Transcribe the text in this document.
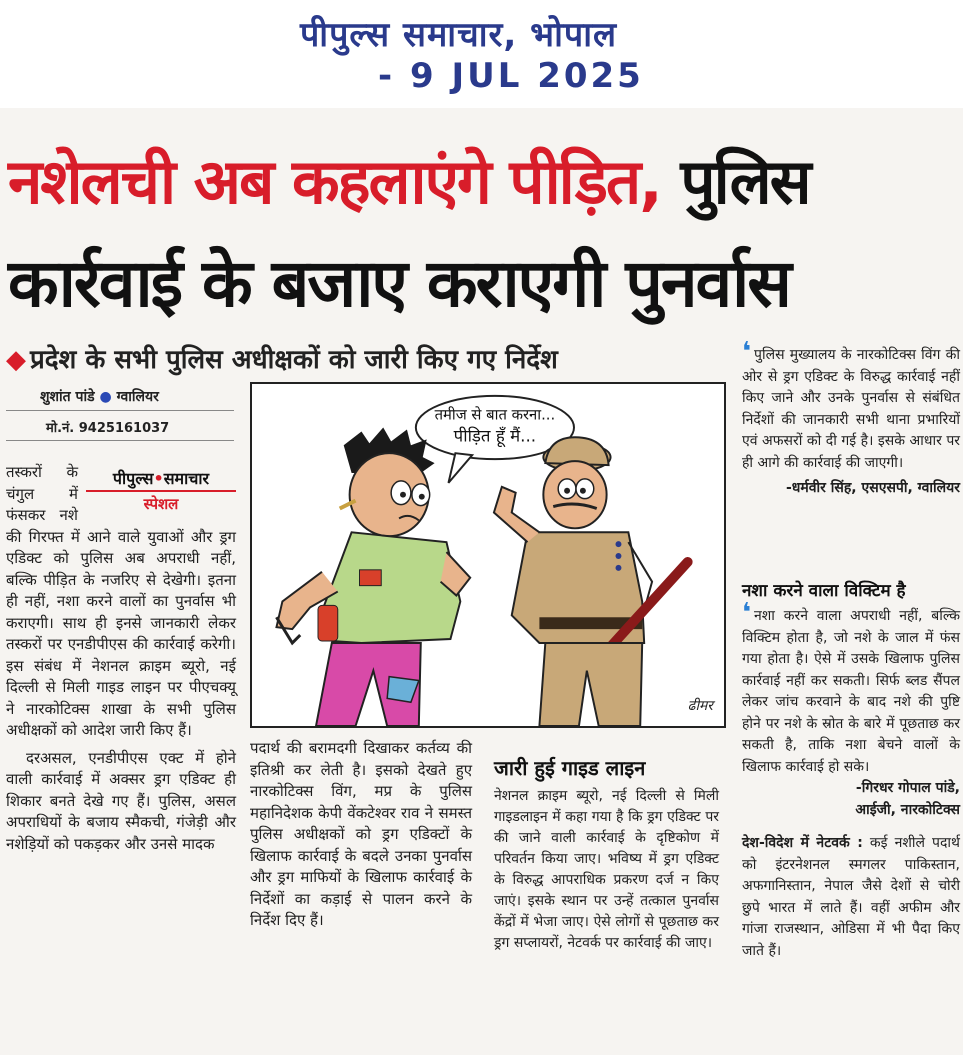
पीपुल्स समाचार, भोपाल
- 9 JUL 2025
नशेलची अब कहलाएंगे पीड़ित, पुलिस
कार्रवाई के बजाए कराएगी पुनर्वास
◆ प्रदेश के सभी पुलिस अधीक्षकों को जारी किए गए निर्देश
शुशांत पांडे ● ग्वालियर
मो.नं. 9425161037
पीपुल्स•समाचार
स्पेशल

तस्करों के चंगुल में फंसकर नशे की गिरफ्त में आने वाले युवाओं और ड्रग एडिक्ट को पुलिस अब अपराधी नहीं, बल्कि पीड़ित के नजरिए से देखेगी। इतना ही नहीं, नशा करने वालों का पुनर्वास भी कराएगी। साथ ही इनसे जानकारी लेकर तस्करों पर एनडीपीएस की कार्रवाई करेगी। इस संबंध में नेशनल क्राइम ब्यूरो, नई दिल्ली से मिली गाइड लाइन पर पीएचक्यू ने नारकोटिक्स शाखा के सभी पुलिस अधीक्षकों को आदेश जारी किए हैं।

दरअसल, एनडीपीएस एक्ट में होने वाली कार्रवाई में अक्सर ड्रग एडिक्ट ही शिकार बनते देखे गए हैं। पुलिस, असल अपराधियों के बजाय स्मैकची, गंजेड़ी और नशेड़ियों को पकड़कर और उनसे मादक

तमीज से बात करना...
पीड़ित हूँ मैं...
ढीमर

पदार्थ की बरामदगी दिखाकर कर्तव्य की इतिश्री कर लेती है। इसको देखते हुए नारकोटिक्स विंग, मप्र के पुलिस महानिदेशक केपी वेंकटेश्वर राव ने समस्त पुलिस अधीक्षकों को ड्रग एडिक्टों के खिलाफ कार्रवाई के बदले उनका पुनर्वास और ड्रग माफियों के खिलाफ कार्रवाई के निर्देशों का कड़ाई से पालन करने के निर्देश दिए हैं।

जारी हुई गाइड लाइन

नेशनल क्राइम ब्यूरो, नई दिल्ली से मिली गाइडलाइन में कहा गया है कि ड्रग एडिक्ट पर की जाने वाली कार्रवाई के दृष्टिकोण में परिवर्तन किया जाए। भविष्य में ड्रग एडिक्ट के विरुद्ध आपराधिक प्रकरण दर्ज न किए जाएं। इसके स्थान पर उन्हें तत्काल पुनर्वास केंद्रों में भेजा जाए। ऐसे लोगों से पूछताछ कर ड्रग सप्लायरों, नेटवर्क पर कार्रवाई की जाए।

❛ पुलिस मुख्यालय के नारकोटिक्स विंग की ओर से ड्रग एडिक्ट के विरुद्ध कार्रवाई नहीं किए जाने और उनके पुनर्वास से संबंधित निर्देशों की जानकारी सभी थाना प्रभारियों एवं अफसरों को दी गई है। इसके आधार पर ही आगे की कार्रवाई की जाएगी।

-धर्मवीर सिंह, एसएसपी, ग्वालियर

नशा करने वाला विक्टिम है

❛ नशा करने वाला अपराधी नहीं, बल्कि विक्टिम होता है, जो नशे के जाल में फंस गया होता है। ऐसे में उसके खिलाफ पुलिस कार्रवाई नहीं कर सकती। सिर्फ ब्लड सैंपल लेकर जांच करवाने के बाद नशे की पुष्टि होने पर नशे के स्रोत के बारे में पूछताछ कर सकती है, ताकि नशा बेचने वालों के खिलाफ कार्रवाई हो सके।

-गिरधर गोपाल पांडे,

आईजी, नारकोटिक्स

देश-विदेश में नेटवर्क : कई नशीले पदार्थ को इंटरनेशनल स्मगलर पाकिस्तान, अफगानिस्तान, नेपाल जैसे देशों से चोरी छुपे भारत में लाते हैं। वहीं अफीम और गांजा राजस्थान, ओडिसा में भी पैदा किए जाते हैं।
